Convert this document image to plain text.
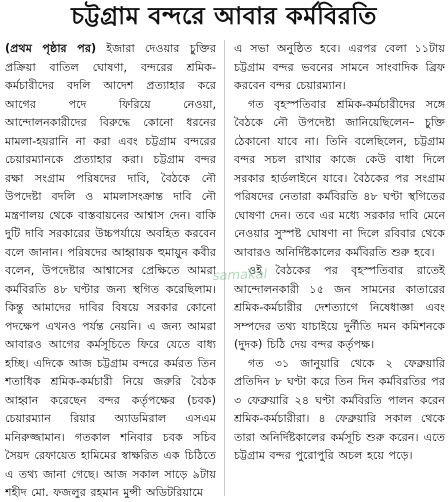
চট্টগ্রাম বন্দরে আবার কর্মবিরতি

(প্রথম পৃষ্ঠার পর) ইজারা দেওয়ার চুক্তির প্রক্রিয়া বাতিল ঘোষণা, বন্দরের শ্রমিক-কর্মচারীদের বদলি আদেশ প্রত্যাহার করে আগের পদে ফিরিয়ে নেওয়া, আন্দোলনকারীদের বিরুদ্ধে কোনো ধরনের মামলা-হয়রানি না করা এবং চট্টগ্রাম বন্দরের চেয়ারম্যানকে প্রত্যাহার করা। চট্টগ্রাম বন্দর রক্ষা সংগ্রাম পরিষদের দাবি, বৈঠকে নৌ উপদেষ্টা বদলি ও মামলাসংক্রান্ত দাবি নৌ মন্ত্রণালয় থেকে বাস্তবায়নের আশ্বাস দেন। বাকি দুটি দাবি সরকারের উচ্চপর্যায়ে অবহিত করবেন বলে জানান। পরিষদের আহ্বায়ক হুমায়ুন কবীর বলেন, উপদেষ্টার আশ্বাসের প্রেক্ষিতে আমরা কর্মবিরতি ৪৮ ঘণ্টার জন্য স্থগিত করেছিলাম। কিন্তু আমাদের দাবির বিষয়ে সরকার কোনো পদক্ষেপ এখনও পর্যন্ত নেয়নি। এ জন্য আমরা আবারও আগের কর্মসূচিতে ফিরে যেতে বাধ্য হচ্ছি। এদিকে আজ চট্টগ্রাম বন্দরে কর্মরত তিন শতাধিক শ্রমিক-কর্মচারী নিয়ে জরুরি বৈঠক আহ্বান করেছেন বন্দর কর্তৃপক্ষের (চবক) চেয়ারম্যান রিয়ার অ্যাডমিরাল এসএম মনিরুজ্জামান। গতকাল শনিবার চবক সচিব সৈয়দ রেফায়েত হামিমের স্বাক্ষরিত এক চিঠিতে এ তথ্য জানা গেছে। আজ সকাল সাড়ে ৯টায় শহীদ মো. ফজলুর রহমান মুন্সী অডিটরিয়ামে

এ সভা অনুষ্ঠিত হবে। এরপর বেলা ১১টায় চট্টগ্রাম বন্দর ভবনের সামনে সাংবাদিক ব্রিফ করবেন বন্দর চেয়ারম্যান।

গত বৃহস্পতিবার শ্রমিক-কর্মচারীদের সঙ্গে বৈঠকে নৌ উপদেষ্টা জানিয়েছিলেন– চুক্তি ঠেকানো যাবে না। তিনি বলেছিলেন, চট্টগ্রাম বন্দর সচল রাখার কাজে কেউ বাধা দিলে সরকার হার্ডলাইনে যাবে। বৈঠকের পর সংগ্রাম পরিষদের নেতারা কর্মবিরতি ৪৮ ঘণ্টা স্থগিতের ঘোষণা দেন। তবে এর মধ্যে সরকার দাবি মেনে নেওয়ার সুস্পষ্ট ঘোষণা না দিলে রবিবার থেকে আবারও অনির্দিষ্টকালের কর্মবিরতি শুরু হবে।

ওই বৈঠকের পর বৃহস্পতিবার রাতেই আন্দোলনকারী ১৫ জন সামনের কাতারের শ্রমিক-কর্মচারীর দেশত্যাগে নিষেধাজ্ঞা এবং সম্পদের তথ্য যাচাইয়ে দুর্নীতি দমন কমিশনকে (দুদক) চিঠি দেয় বন্দর কর্তৃপক্ষ।

গত ৩১ জানুয়ারি থেকে ২ ফেব্রুয়ারি প্রতিদিন ৮ ঘণ্টা করে তিন দিন কর্মবিরতির পর ৩ ফেব্রুয়ারি ২৪ ঘণ্টা কর্মবিরতি পালন করেন শ্রমিক-কর্মচারীরা। ৪ ফেব্রুয়ারি সকাল থেকে তারা অনির্দিষ্টকালের কর্মসূচি শুরু করেন। এতে চট্টগ্রাম বন্দর পুরোপুরি অচল হয়ে পড়ে।

samakal
